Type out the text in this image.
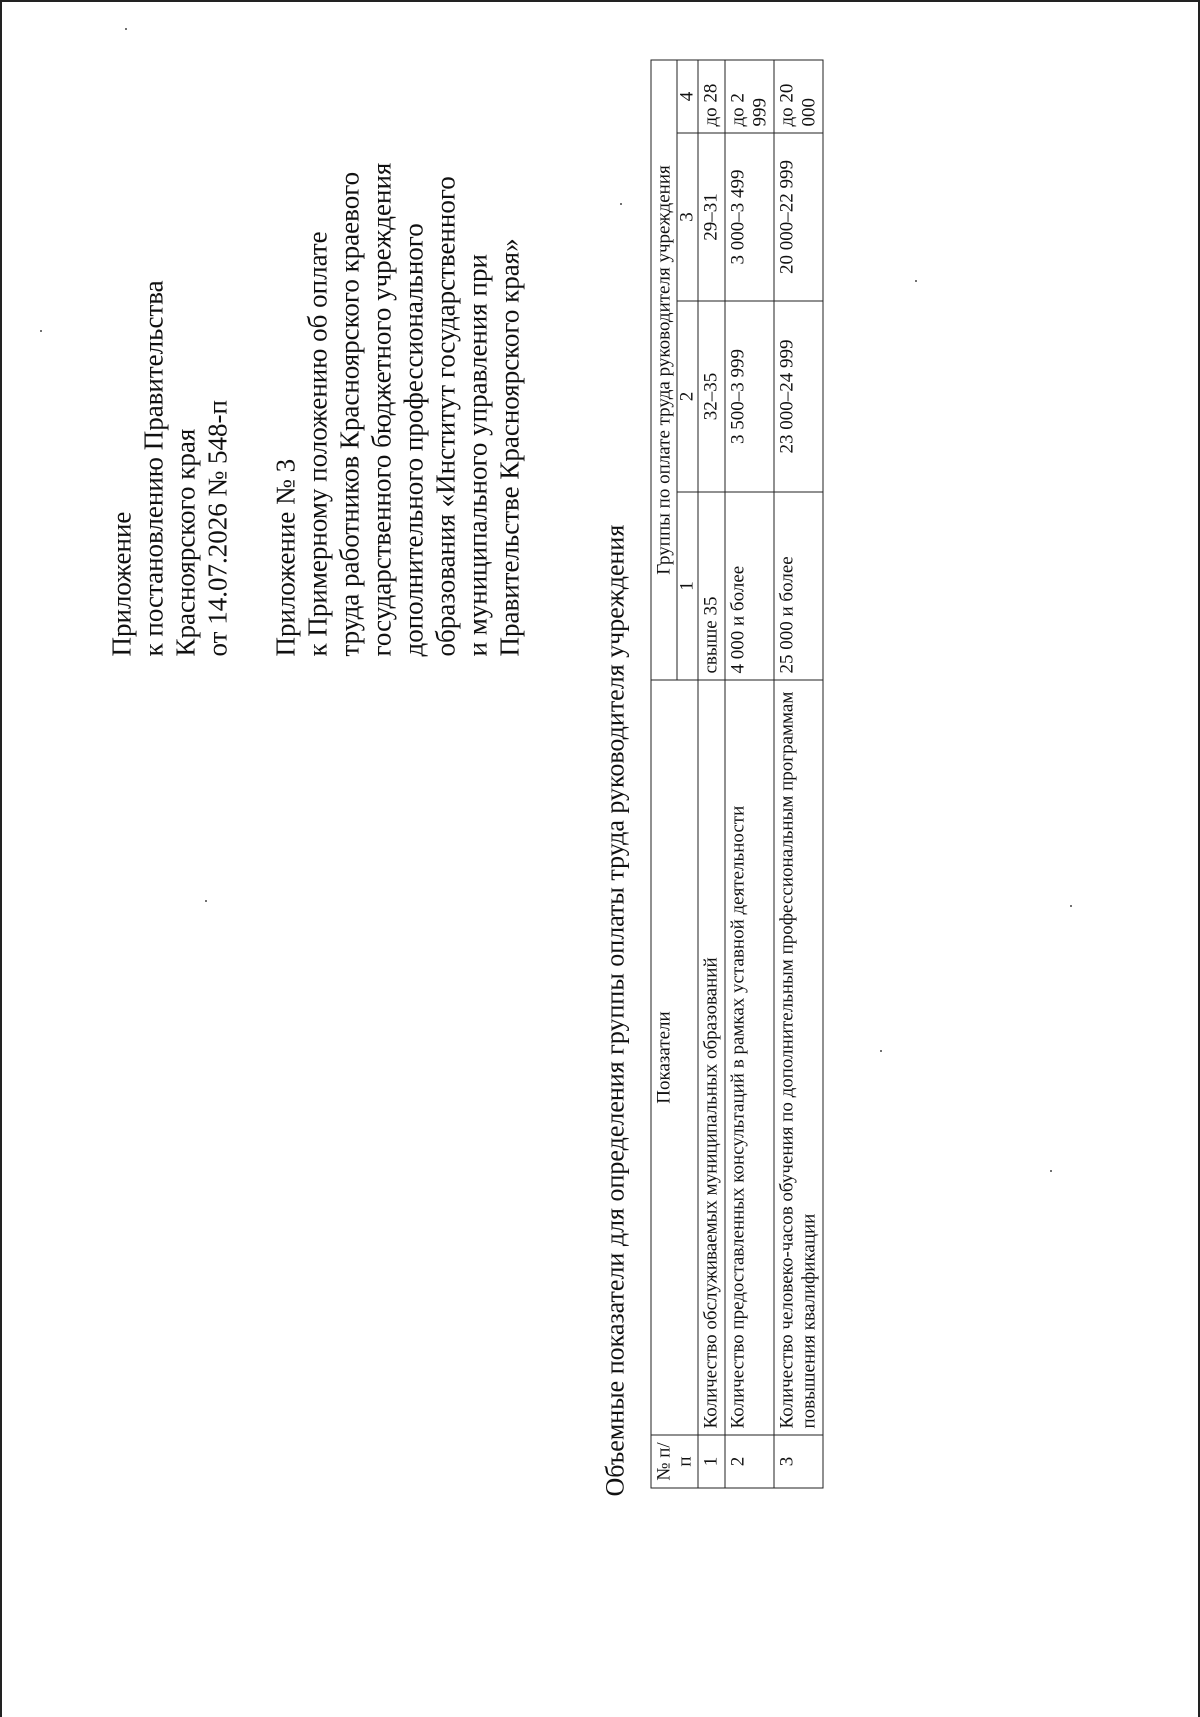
Приложение к постановлению Правительства Красноярского края от 14.07.2026 № 548-п Приложение № 3 к Примерному положению об оплате труда работников Красноярского краевого государственного бюджетного учреждения дополнительного профессионального образования «Институт государственного и муниципального управления при Правительстве Красноярского края»
Объемные показатели для определения группы оплаты труда руководителя учреждения № п/п	Показатели	Группы по оплате труда руководителя учреждения			
		1	2	3	4
1	Количество обслуживаемых муниципальных образований	свыше 35	32–35	29–31	до 28
2	Количество предоставленных консультаций в рамках уставной деятельности	4 000 и более	3 500–3 999	3 000–3 499	до 2 999
3	Количество человеко-часов обучения по дополнительным профессиональным программам повышения квалификации	25 000 и более	23 000–24 999	20 000–22 999	до 20 000
